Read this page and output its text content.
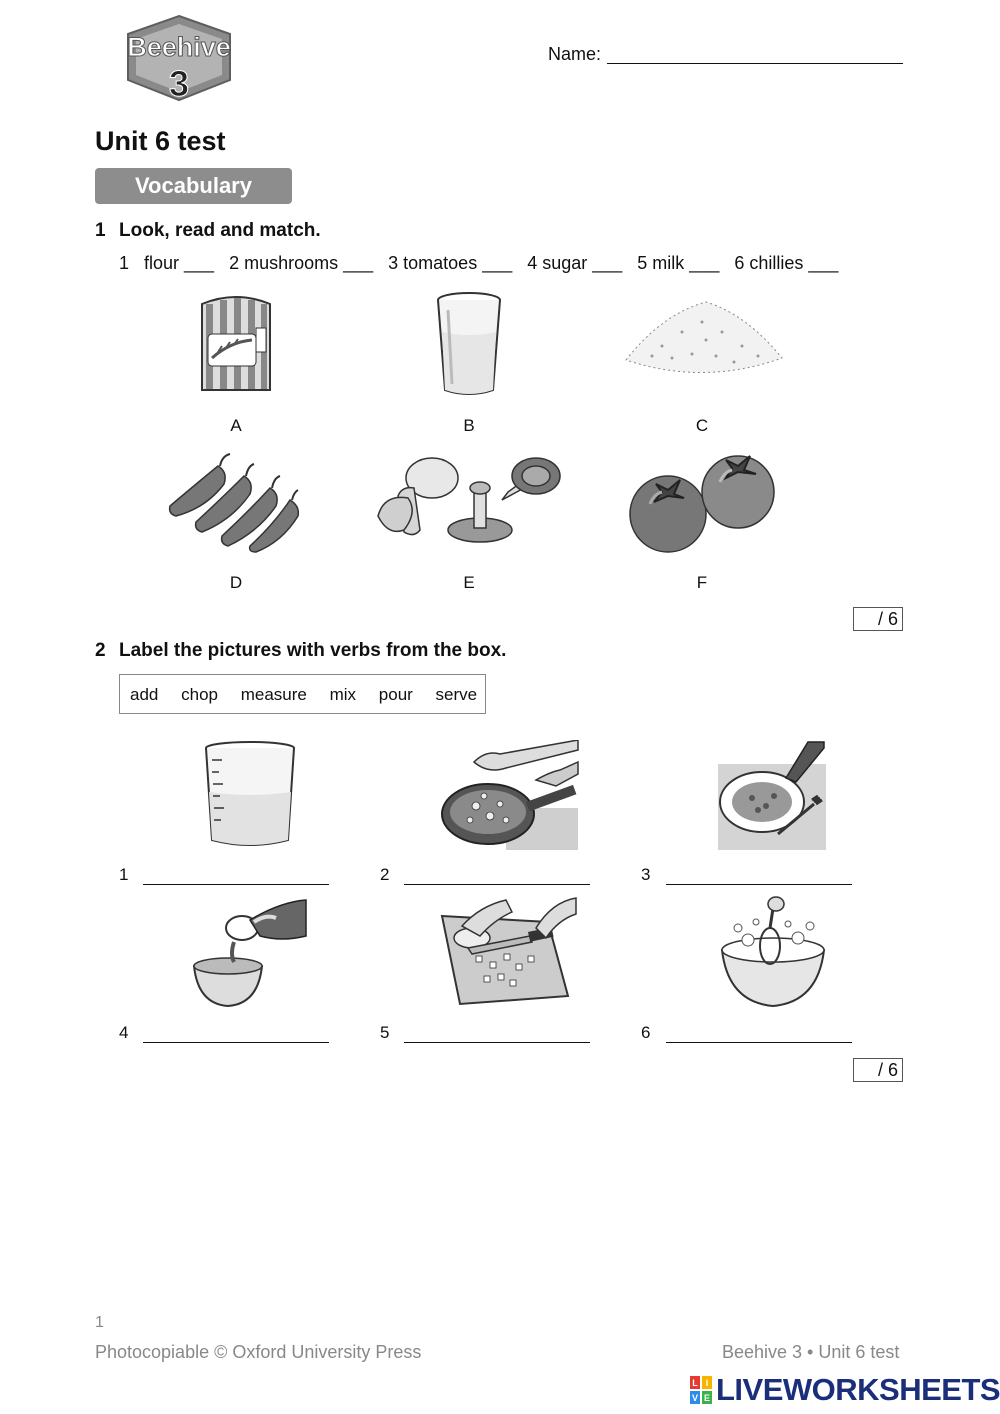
Beehive
3
Name:
Unit 6 test
Vocabulary
1 Look, read and match.
1   flour ___   2 mushrooms ___   3 tomatoes ___   4 sugar ___   5 milk ___   6 chillies ___
A	B	C
D	E	F
/ 6
2 Label the pictures with verbs from the box.
add chop measure mix pour serve
1	2	3
4	5	6
/ 6
1
Photocopiable © Oxford University Press	Beehive 3 • Unit 6 test
L I
V E LIVEWORKSHEETS
